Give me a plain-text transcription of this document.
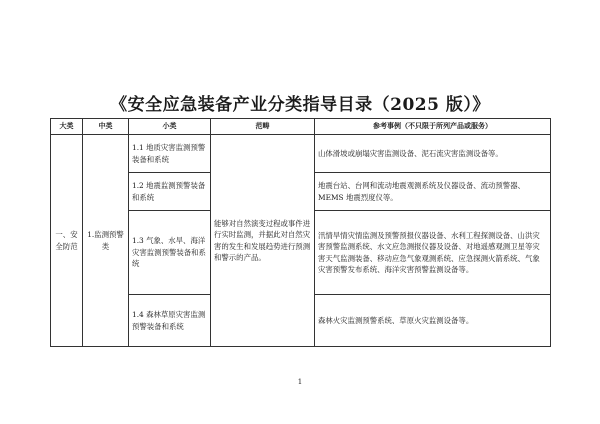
《安全应急装备产业分类指导目录（2025 版）》
大类	中类	小类	范畴	参考事例（不只限于所列产品或服务）
一、安全防范	1.监测预警类	1.1 地质灾害监测预警装备和系统	能够对自然演变过程或事件进行实时监测，并据此对自然灾害的发生和发展趋势进行预测和警示的产品。	山体滑坡或崩塌灾害监测设备、泥石流灾害监测设备等。
		1.2 地震监测预警装备和系统		地震台站、台网和流动地震观测系统及仪器设备、流动预警器、MEMS 地震烈度仪等。
		1.3 气象、水旱、海洋灾害监测预警装备和系统		汛情旱情灾情监测及预警预报仪器设备、水利工程探测设备、山洪灾害预警监测系统、水文应急测报仪器及设备、对地遥感观测卫星等灾害天气监测装备、移动应急气象观测系统、应急探测火箭系统、气象灾害预警发布系统、海洋灾害预警监测设备等。
		1.4 森林草原灾害监测预警装备和系统		森林火灾监测预警系统、草原火灾监测设备等。
1
